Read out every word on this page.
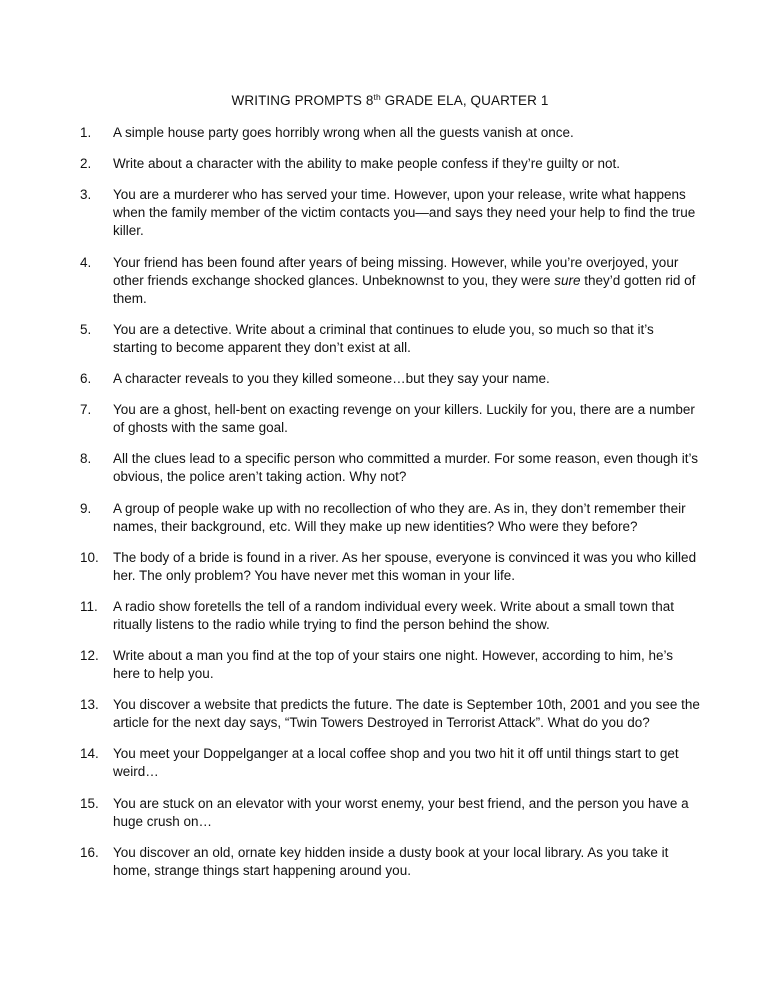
WRITING PROMPTS 8th GRADE ELA, QUARTER 1
1.	A simple house party goes horribly wrong when all the guests vanish at once.
2.	Write about a character with the ability to make people confess if they’re guilty or not.
3.	You are a murderer who has served your time. However, upon your release, write what happens when the family member of the victim contacts you—and says they need your help to find the true killer.
4.	Your friend has been found after years of being missing. However, while you’re overjoyed, your other friends exchange shocked glances. Unbeknownst to you, they were sure they’d gotten rid of them.
5.	You are a detective. Write about a criminal that continues to elude you, so much so that it’s starting to become apparent they don’t exist at all.
6.	A character reveals to you they killed someone…but they say your name.
7.	You are a ghost, hell-bent on exacting revenge on your killers. Luckily for you, there are a number of ghosts with the same goal.
8.	All the clues lead to a specific person who committed a murder. For some reason, even though it’s obvious, the police aren’t taking action. Why not?
9.	A group of people wake up with no recollection of who they are. As in, they don’t remember their names, their background, etc. Will they make up new identities? Who were they before?
10.	The body of a bride is found in a river. As her spouse, everyone is convinced it was you who killed her. The only problem? You have never met this woman in your life.
11.	A radio show foretells the tell of a random individual every week. Write about a small town that ritually listens to the radio while trying to find the person behind the show.
12.	Write about a man you find at the top of your stairs one night. However, according to him, he’s here to help you.
13.	You discover a website that predicts the future. The date is September 10th, 2001 and you see the article for the next day says, “Twin Towers Destroyed in Terrorist Attack”. What do you do?
14.	You meet your Doppelganger at a local coffee shop and you two hit it off until things start to get weird…
15.	You are stuck on an elevator with your worst enemy, your best friend, and the person you have a huge crush on…
16.	You discover an old, ornate key hidden inside a dusty book at your local library. As you take it home, strange things start happening around you.
